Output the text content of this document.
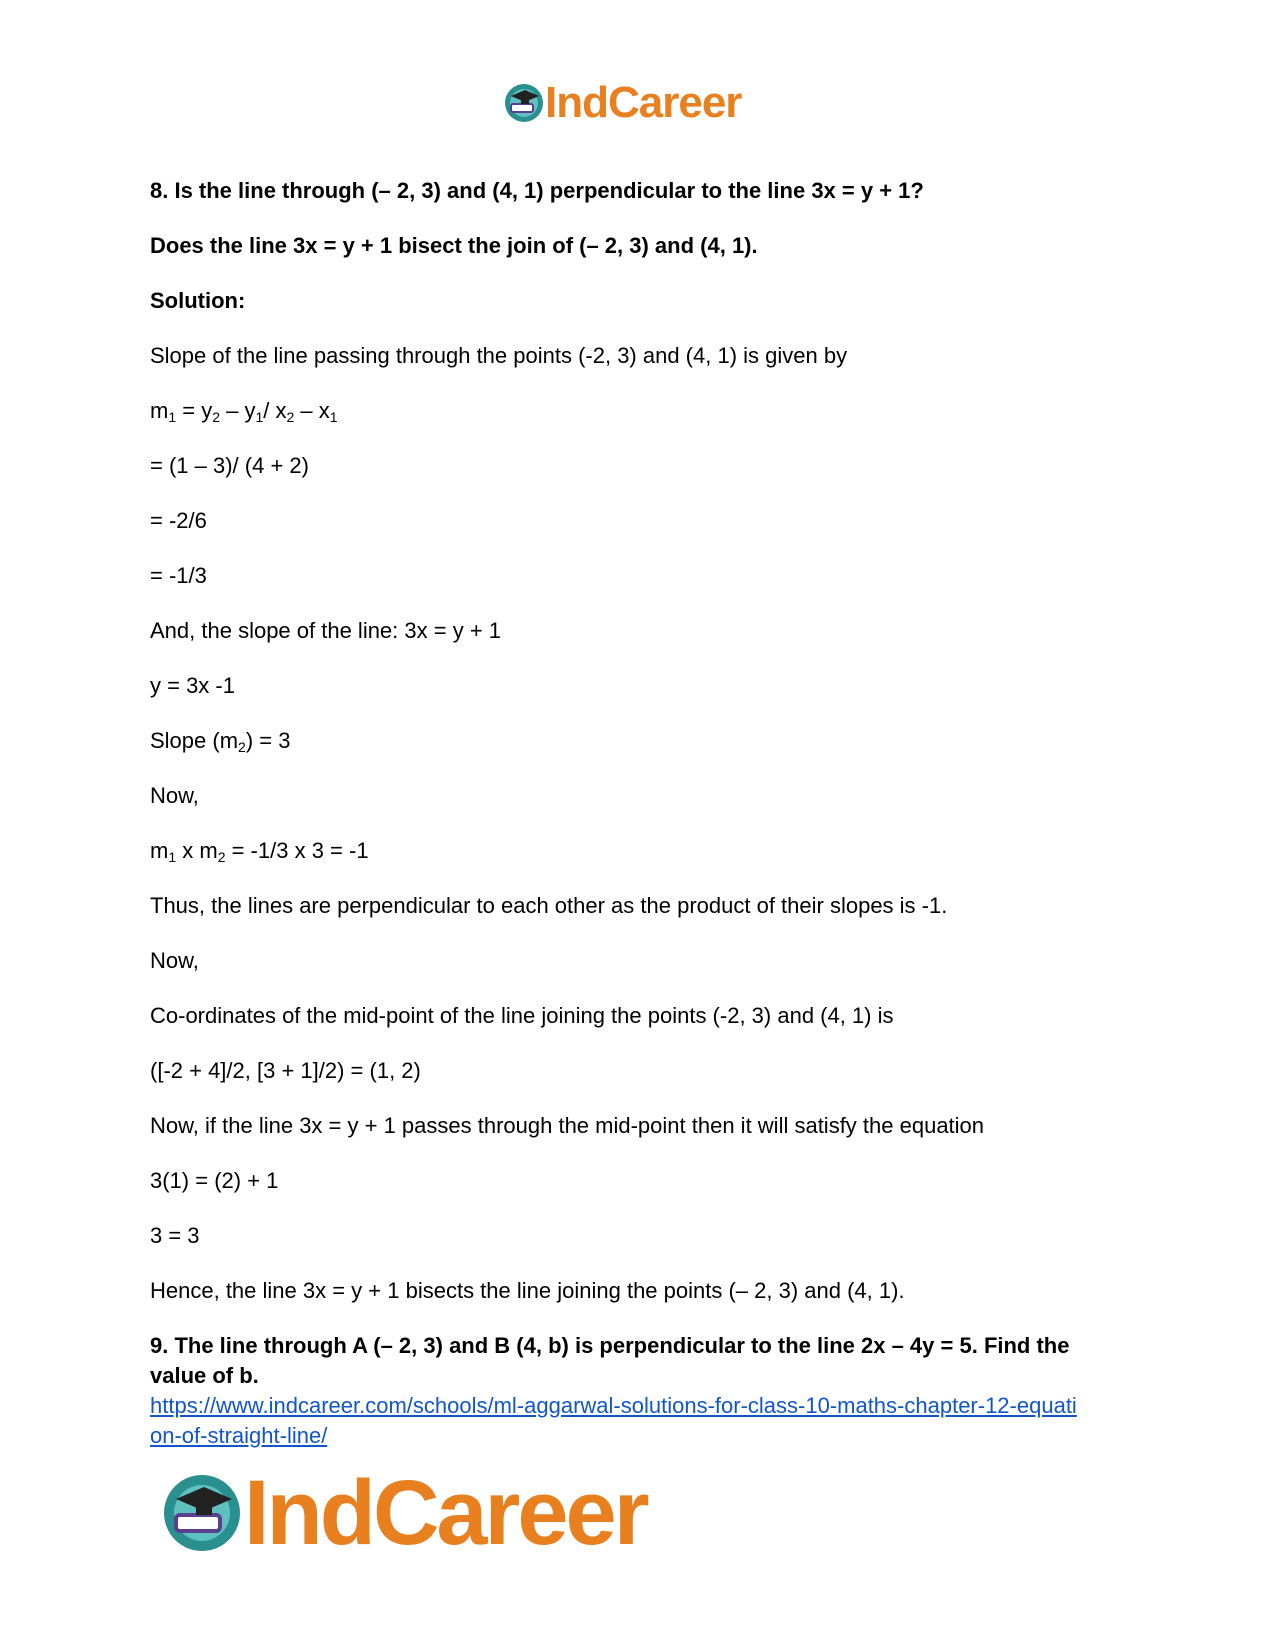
IndCareer

8. Is the line through (– 2, 3) and (4, 1) perpendicular to the line 3x = y + 1?

Does the line 3x = y + 1 bisect the join of (– 2, 3) and (4, 1).

Solution:

Slope of the line passing through the points (-2, 3) and (4, 1) is given by

$m_1 = y_2 - y_1/$ $x_2 - x_1$

= (1 – 3)/ (4 + 2)

= -2/6

= -1/3

And, the slope of the line: 3x = y + 1

y = 3x -1

Slope $(m_2) = 3$

Now,

$m_1$ x $m_2 = -1/3$ x 3 = -1

Thus, the lines are perpendicular to each other as the product of their slopes is -1.

Now,

Co-ordinates of the mid-point of the line joining the points (-2, 3) and (4, 1) is

([-2 + 4]/2, [3 + 1]/2) = (1, 2)

Now, if the line 3x = y + 1 passes through the mid-point then it will satisfy the equation

3(1) = (2) + 1

3 = 3

Hence, the line 3x = y + 1 bisects the line joining the points (– 2, 3) and (4, 1).

9. The line through A (– 2, 3) and B (4, b) is perpendicular to the line 2x – 4y = 5. Find the
value of b.

https://www.indcareer.com/schools/ml-aggarwal-solutions-for-class-10-maths-chapter-12-equati
on-of-straight-line/
IndCareer
